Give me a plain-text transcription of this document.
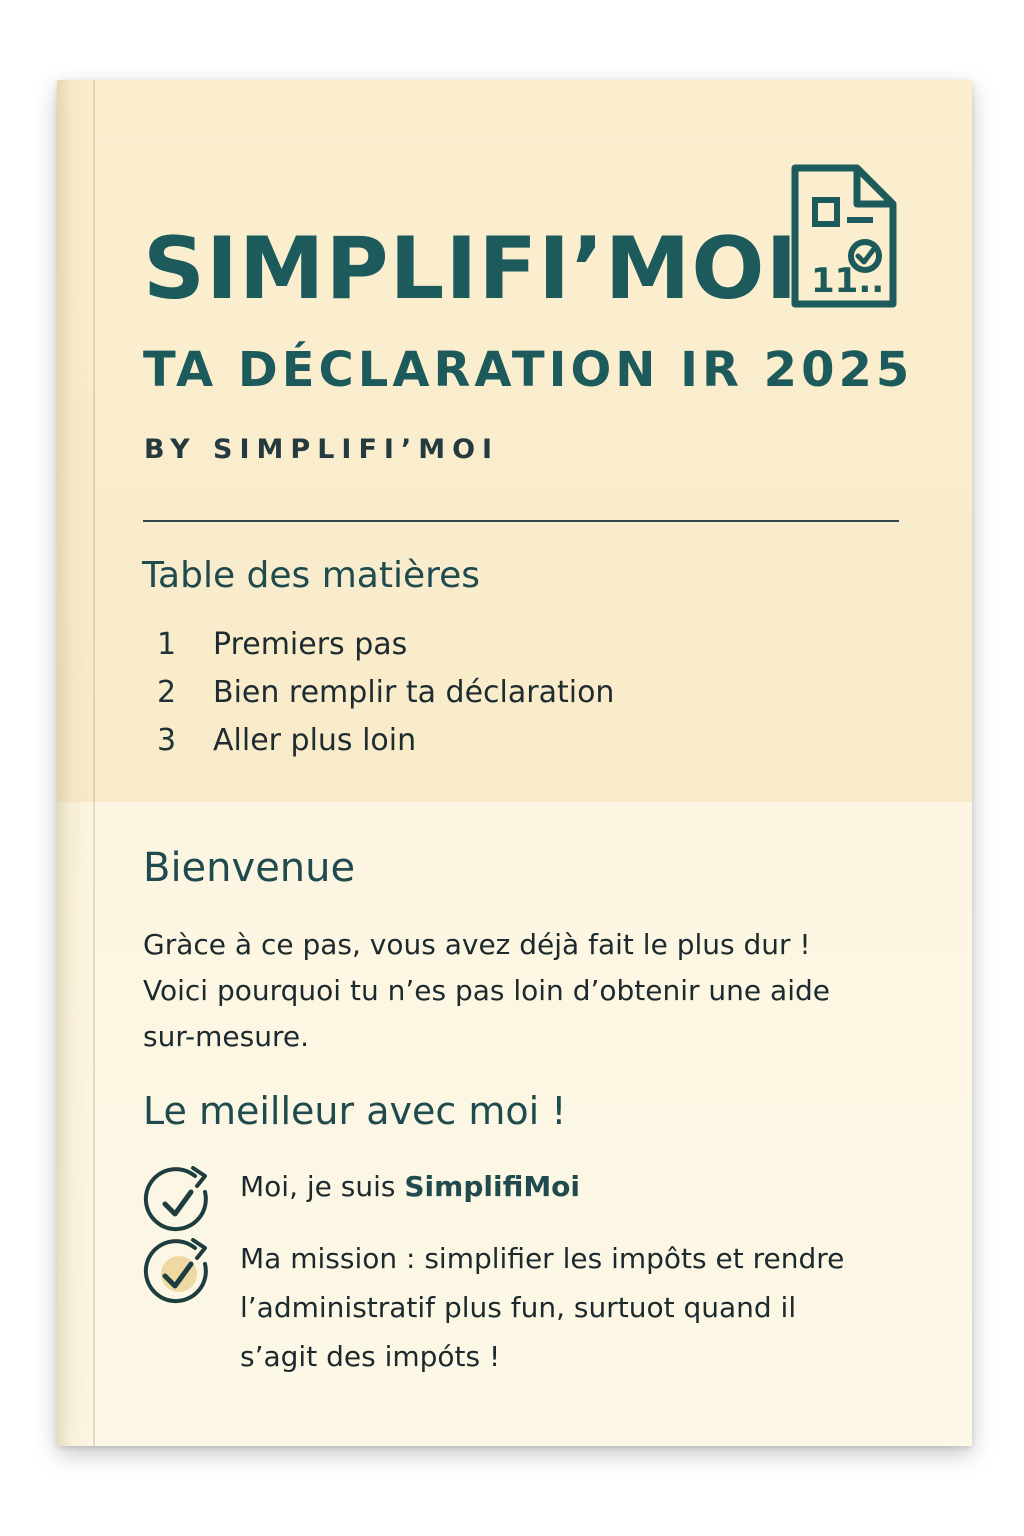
SIMPLIFI’MOI 11..
TA DÉCLARATION IR 2025

BY SIMPLIFI’MOI

Table des matières
1	Premiers pas
2	Bien remplir ta déclaration
3	Aller plus loin
Bienvenue

Gràce à ce pas, vous avez déjà fait le plus dur !
Voici pourquoi tu n’es pas loin d’obtenir une aide
sur-mesure.

Le meilleur avec moi !

Moi, je suis SimplifiMoi

Ma mission : simplifier les impôts et rendre
l’administratif plus fun, surtuot quand il
s’agit des impóts !
